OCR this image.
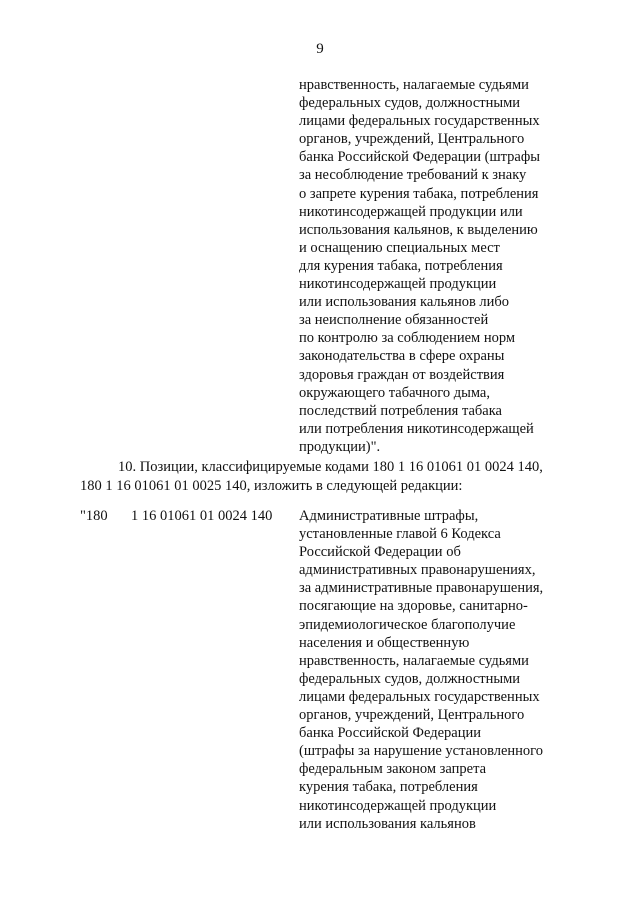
9
нравственность, налагаемые судьями
федеральных судов, должностными
лицами федеральных государственных
органов, учреждений, Центрального
банка Российской Федерации (штрафы
за несоблюдение требований к знаку
о запрете курения табака, потребления
никотинсодержащей продукции или
использования кальянов, к выделению
и оснащению специальных мест
для курения табака, потребления
никотинсодержащей продукции
или использования кальянов либо
за неисполнение обязанностей
по контролю за соблюдением норм
законодательства в сфере охраны
здоровья граждан от воздействия
окружающего табачного дыма,
последствий потребления табака
или потребления никотинсодержащей
продукции)".
10. Позиции, классифицируемые кодами 180 1 16 01061 01 0024 140,
180 1 16 01061 01 0025 140, изложить в следующей редакции:
"180 1 16 01061 01 0024 140 Административные штрафы,
установленные главой 6 Кодекса
Российской Федерации об
административных правонарушениях,
за административные правонарушения,
посягающие на здоровье, санитарно-
эпидемиологическое благополучие
населения и общественную
нравственность, налагаемые судьями
федеральных судов, должностными
лицами федеральных государственных
органов, учреждений, Центрального
банка Российской Федерации
(штрафы за нарушение установленного
федеральным законом запрета
курения табака, потребления
никотинсодержащей продукции
или использования кальянов
